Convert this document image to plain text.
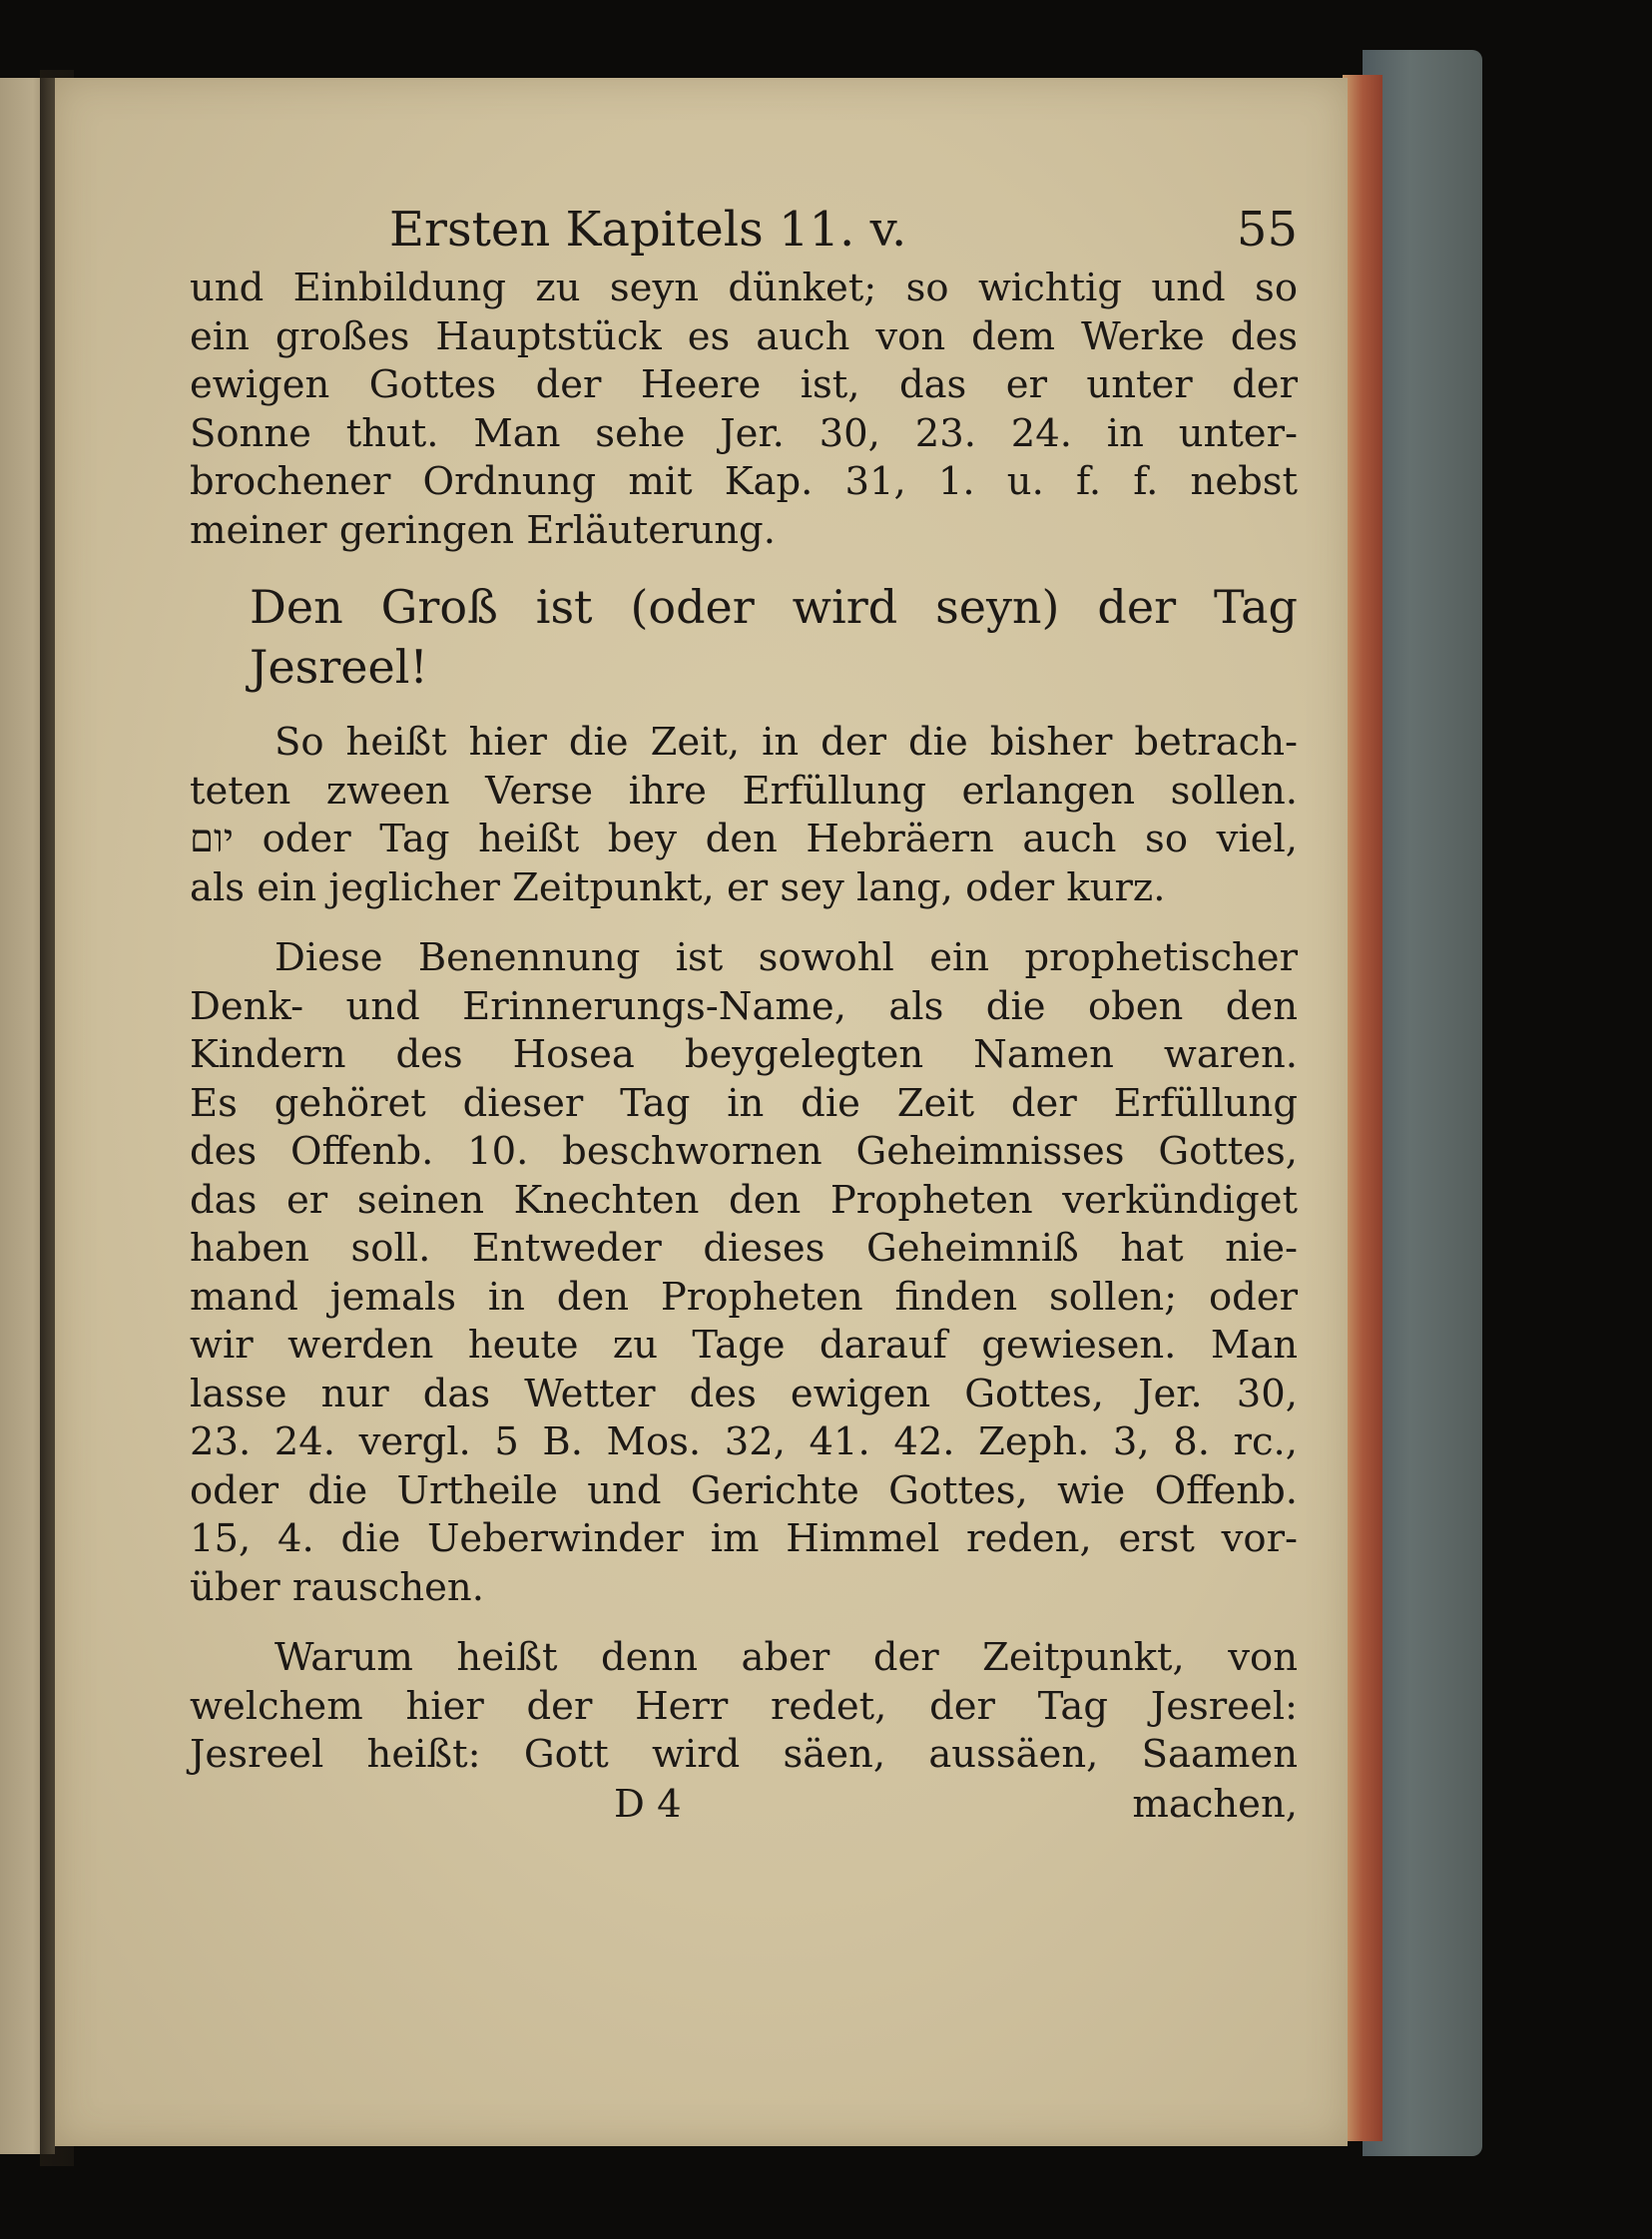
Ersten Kapitels 11. v.	55
und Einbildung zu seyn dünket; so wichtig und so
ein großes Hauptstück es auch von dem Werke des
ewigen Gottes der Heere ist, das er unter der
Sonne thut. Man sehe Jer. 30, 23. 24. in unter-
brochener Ordnung mit Kap. 31, 1. u. f. f. nebst
meiner geringen Erläuterung.
Den Groß ist (oder wird seyn) der Tag
Jesreel!
So heißt hier die Zeit, in der die bisher betrach-
teten zween Verse ihre Erfüllung erlangen sollen.
יום oder Tag heißt bey den Hebräern auch so viel,
als ein jeglicher Zeitpunkt, er sey lang, oder kurz.
Diese Benennung ist sowohl ein prophetischer
Denk- und Erinnerungs-Name, als die oben den
Kindern des Hosea beygelegten Namen waren.
Es gehöret dieser Tag in die Zeit der Erfüllung
des Offenb. 10. beschwornen Geheimnisses Gottes,
das er seinen Knechten den Propheten verkündiget
haben soll. Entweder dieses Geheimniß hat nie-
mand jemals in den Propheten finden sollen; oder
wir werden heute zu Tage darauf gewiesen. Man
lasse nur das Wetter des ewigen Gottes, Jer. 30,
23. 24. vergl. 5 B. Mos. 32, 41. 42. Zeph. 3, 8. rc.,
oder die Urtheile und Gerichte Gottes, wie Offenb.
15, 4. die Ueberwinder im Himmel reden, erst vor-
über rauschen.
Warum heißt denn aber der Zeitpunkt, von
welchem hier der Herr redet, der Tag Jesreel:
Jesreel heißt: Gott wird säen, aussäen, Saamen
D 4	machen,
